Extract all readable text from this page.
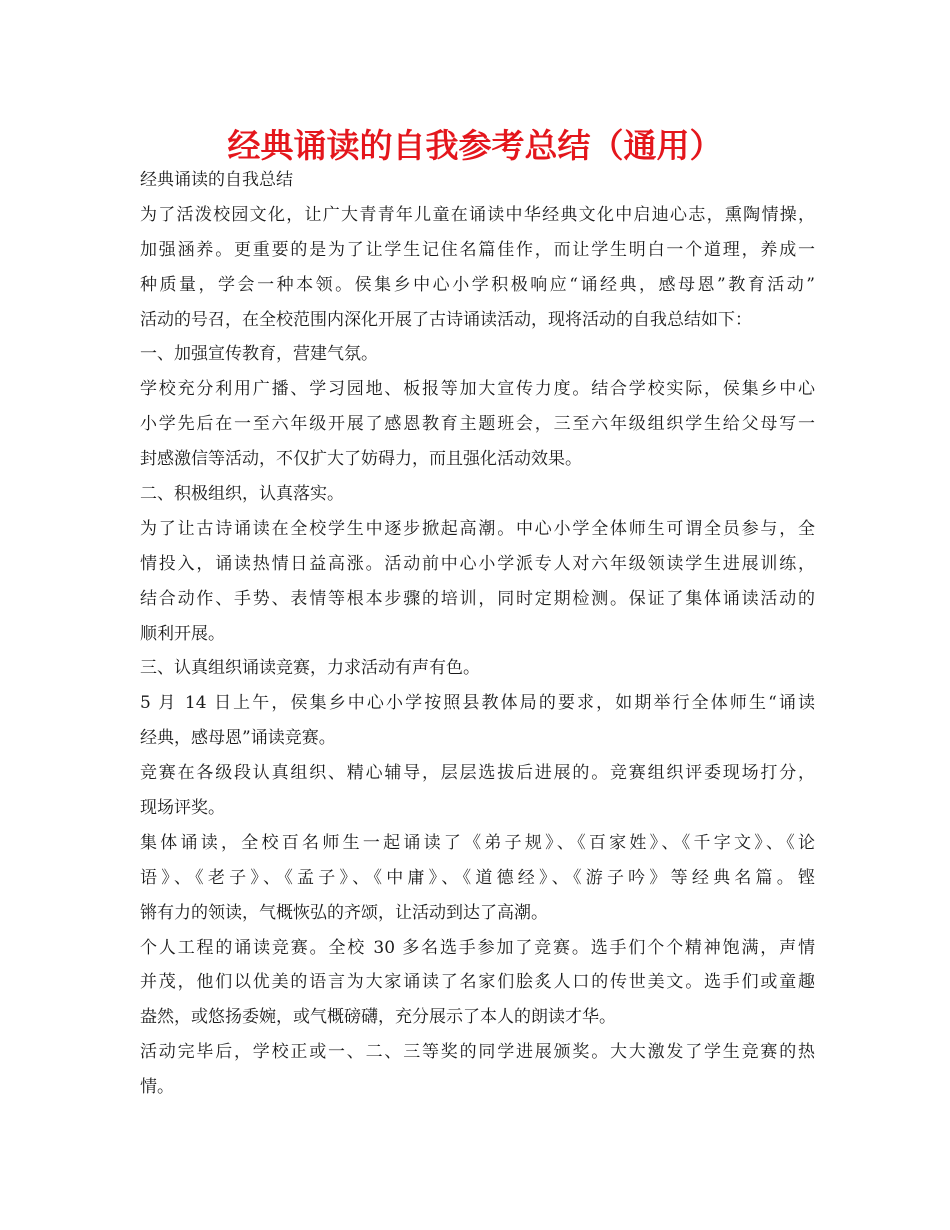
经典诵读的自我参考总结（通用）
经典诵读的自我总结
为了活泼校园文化，让广大青青年儿童在诵读中华经典文化中启迪心志，熏陶情操，
加强涵养。更重要的是为了让学生记住名篇佳作，而让学生明白一个道理，养成一
种质量，学会一种本领。侯集乡中心小学积极响应“诵经典，感母恩”教育活动”
活动的号召，在全校范围内深化开展了古诗诵读活动，现将活动的自我总结如下：
一、加强宣传教育，营建气氛。
学校充分利用广播、学习园地、板报等加大宣传力度。结合学校实际，侯集乡中心
小学先后在一至六年级开展了感恩教育主题班会，三至六年级组织学生给父母写一
封感激信等活动，不仅扩大了妨碍力，而且强化活动效果。
二、积极组织，认真落实。
为了让古诗诵读在全校学生中逐步掀起高潮。中心小学全体师生可谓全员参与，全
情投入，诵读热情日益高涨。活动前中心小学派专人对六年级领读学生进展训练，
结合动作、手势、表情等根本步骤的培训，同时定期检测。保证了集体诵读活动的
顺利开展。
三、认真组织诵读竞赛，力求活动有声有色。
5 月 14 日上午，侯集乡中心小学按照县教体局的要求，如期举行全体师生“诵读
经典，感母恩”诵读竞赛。
竞赛在各级段认真组织、精心辅导，层层选拔后进展的。竞赛组织评委现场打分，
现场评奖。
集体诵读，全校百名师生一起诵读了《弟子规》、《百家姓》、《千字文》、《论
语》、《老子》、《孟子》、《中庸》、《道德经》、《游子吟》等经典名篇。铿
锵有力的领读，气概恢弘的齐颂，让活动到达了高潮。
个人工程的诵读竞赛。全校 30 多名选手参加了竞赛。选手们个个精神饱满，声情
并茂，他们以优美的语言为大家诵读了名家们脍炙人口的传世美文。选手们或童趣
盎然，或悠扬委婉，或气概磅礴，充分展示了本人的朗读才华。
活动完毕后，学校正或一、二、三等奖的同学进展颁奖。大大激发了学生竞赛的热
情。
